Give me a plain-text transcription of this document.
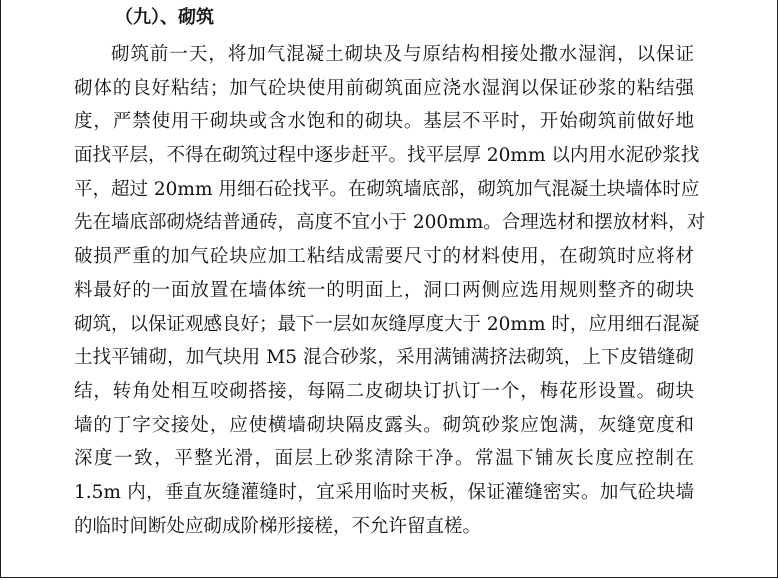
（九）、砌筑
砌筑前一天，将加气混凝土砌块及与原结构相接处撒水湿润，以保证
砌体的良好粘结；加气砼块使用前砌筑面应浇水湿润以保证砂浆的粘结强
度，严禁使用干砌块或含水饱和的砌块。基层不平时，开始砌筑前做好地
面找平层，不得在砌筑过程中逐步赶平。找平层厚 20mm 以内用水泥砂浆找
平，超过 20mm 用细石砼找平。在砌筑墙底部，砌筑加气混凝土块墙体时应
先在墙底部砌烧结普通砖，高度不宜小于 200mm。合理选材和摆放材料，对
破损严重的加气砼块应加工粘结成需要尺寸的材料使用，在砌筑时应将材
料最好的一面放置在墙体统一的明面上，洞口两侧应选用规则整齐的砌块
砌筑，以保证观感良好；最下一层如灰缝厚度大于 20mm 时，应用细石混凝
土找平铺砌，加气块用 M5 混合砂浆，采用满铺满挤法砌筑，上下皮错缝砌
结，转角处相互咬砌搭接，每隔二皮砌块订扒订一个，梅花形设置。砌块
墙的丁字交接处，应使横墙砌块隔皮露头。砌筑砂浆应饱满，灰缝宽度和
深度一致，平整光滑，面层上砂浆清除干净。常温下铺灰长度应控制在
1.5m 内，垂直灰缝灌缝时，宜采用临时夹板，保证灌缝密实。加气砼块墙
的临时间断处应砌成阶梯形接槎，不允许留直槎。
